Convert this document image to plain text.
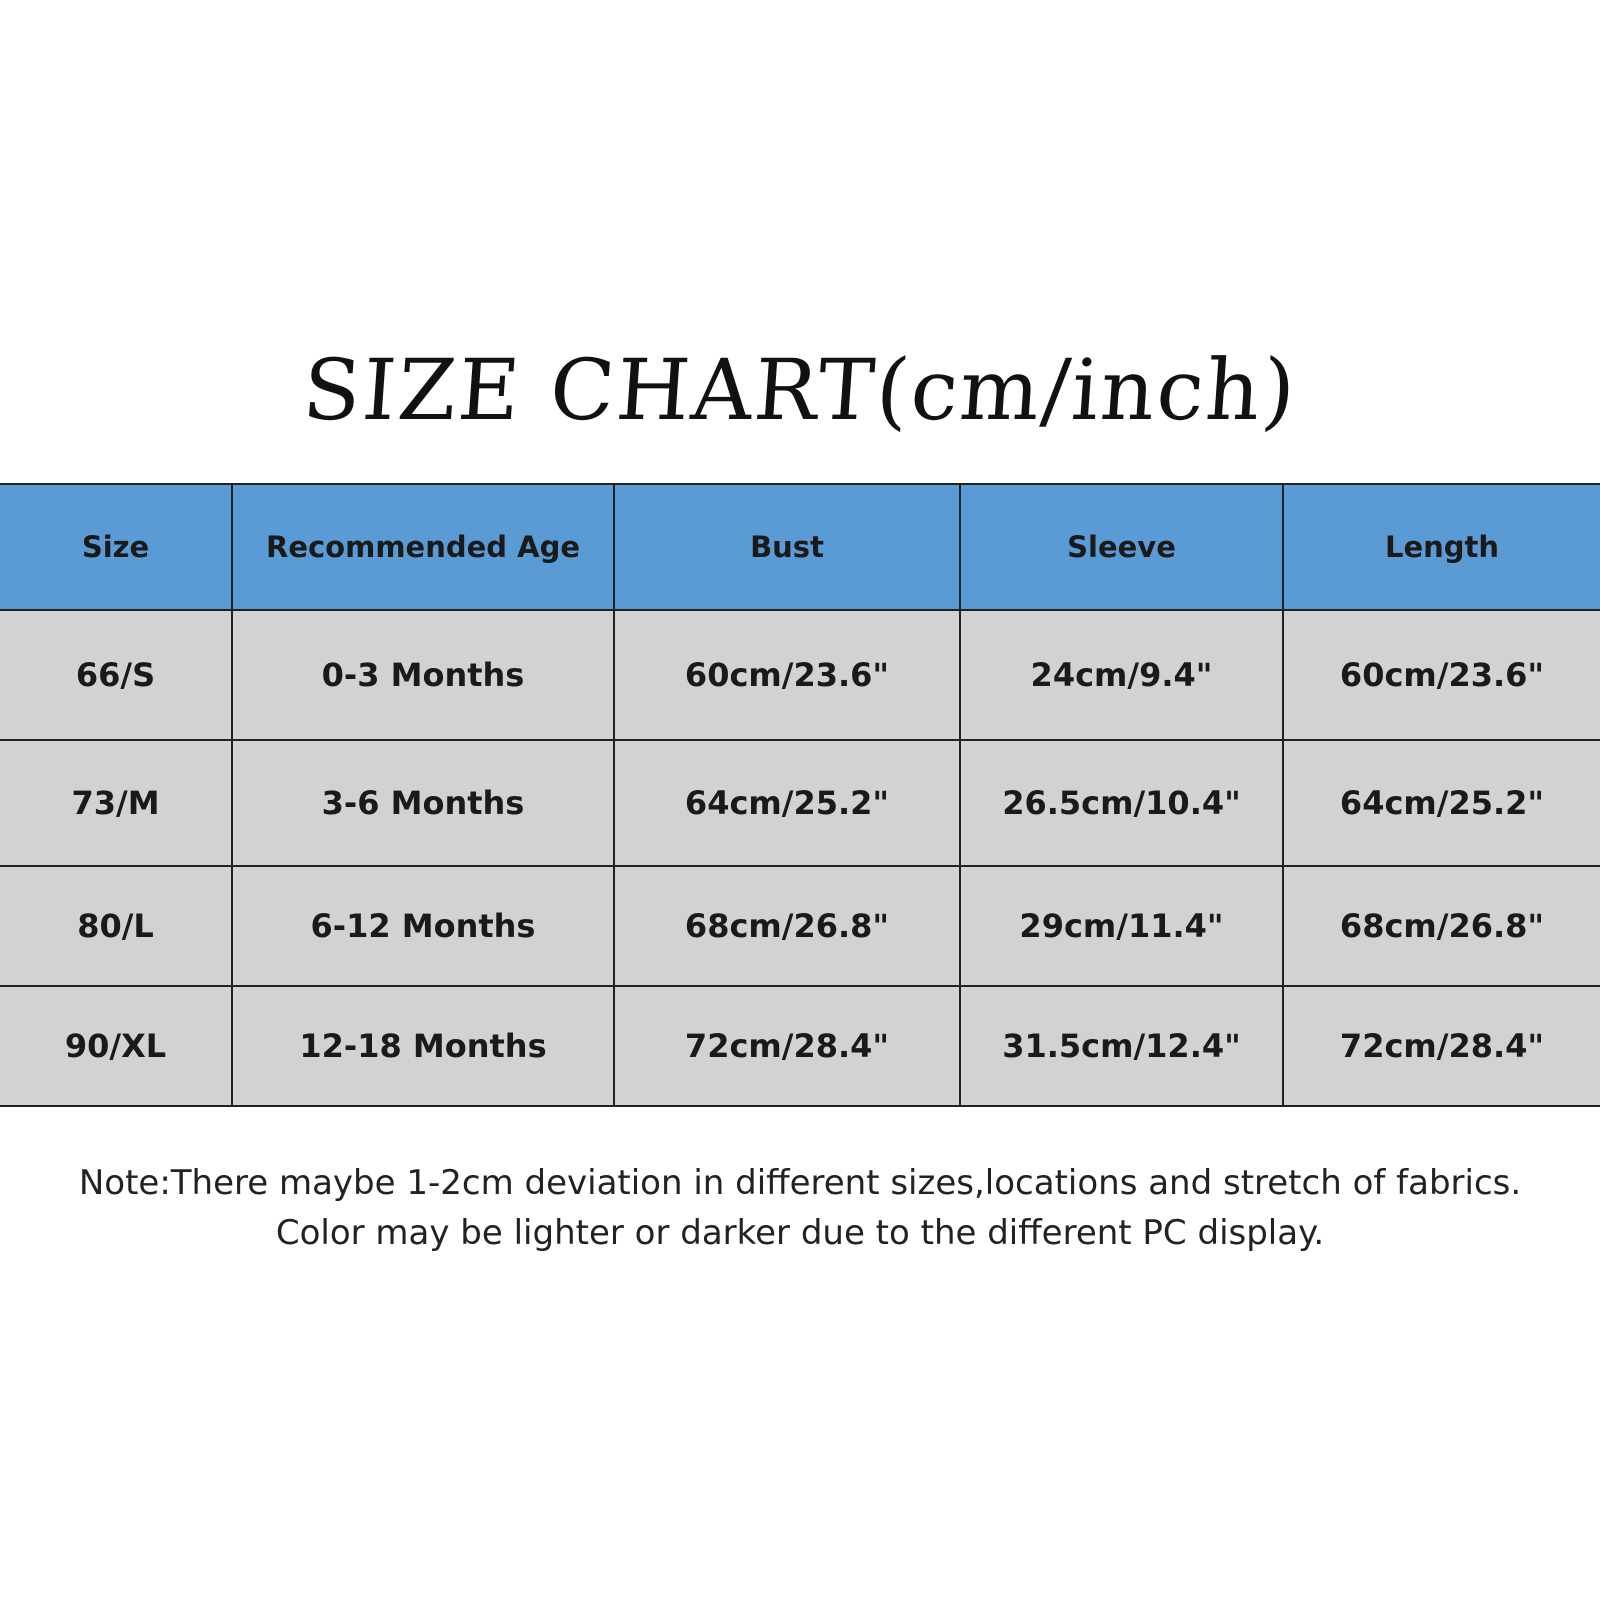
SIZE CHART(cm/inch)
Size	Recommended Age	Bust	Sleeve	Length
66/S	0-3 Months	60cm/23.6"	24cm/9.4"	60cm/23.6"
73/M	3-6 Months	64cm/25.2"	26.5cm/10.4"	64cm/25.2"
80/L	6-12 Months	68cm/26.8"	29cm/11.4"	68cm/26.8"
90/XL	12-18 Months	72cm/28.4"	31.5cm/12.4"	72cm/28.4"
Note:There maybe 1-2cm deviation in different sizes,locations and stretch of fabrics.
Color may be lighter or darker due to the different PC display.
